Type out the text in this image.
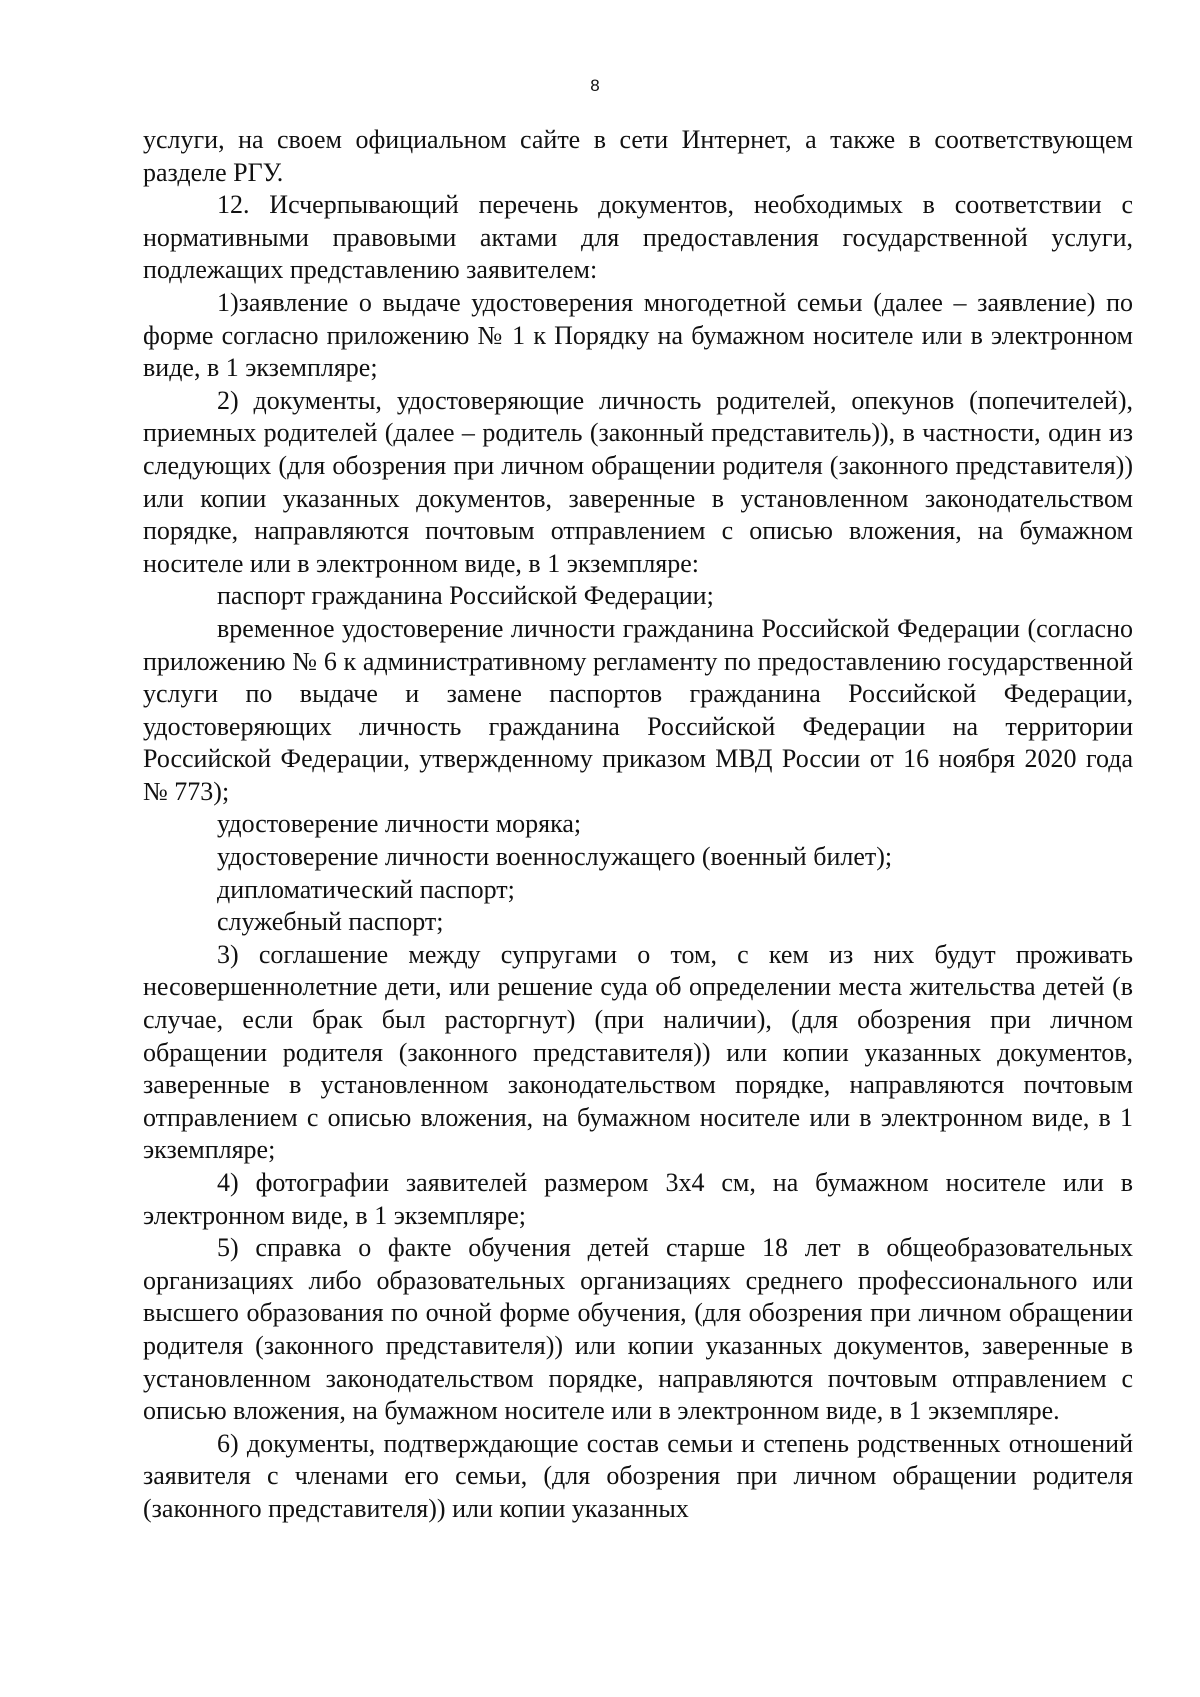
8

услуги, на своем официальном сайте в сети Интернет, а также в соответствующем разделе РГУ.

12. Исчерпывающий перечень документов, необходимых в соответствии с нормативными правовыми актами для предоставления государственной услуги, подлежащих представлению заявителем:

1)заявление о выдаче удостоверения многодетной семьи (далее – заявление) по форме согласно приложению № 1 к Порядку на бумажном носителе или в электронном виде, в 1 экземпляре;

2) документы, удостоверяющие личность родителей, опекунов (попечителей), приемных родителей (далее – родитель (законный представитель)), в частности, один из следующих (для обозрения при личном обращении родителя (законного представителя)) или копии указанных документов, заверенные в установленном законодательством порядке, направляются почтовым отправлением с описью вложения, на бумажном носителе или в электронном виде, в 1 экземпляре:

паспорт гражданина Российской Федерации;

временное удостоверение личности гражданина Российской Федерации (согласно приложению № 6 к административному регламенту по предоставлению государственной услуги по выдаче и замене паспортов гражданина Российской Федерации, удостоверяющих личность гражданина Российской Федерации на территории Российской Федерации, утвержденному приказом МВД России от 16 ноября 2020 года № 773);

удостоверение личности моряка;

удостоверение личности военнослужащего (военный билет);

дипломатический паспорт;

служебный паспорт;

3) соглашение между супругами о том, с кем из них будут проживать несовершеннолетние дети, или решение суда об определении места жительства детей (в случае, если брак был расторгнут) (при наличии), (для обозрения при личном обращении родителя (законного представителя)) или копии указанных документов, заверенные в установленном законодательством порядке, направляются почтовым отправлением с описью вложения, на бумажном носителе или в электронном виде, в 1 экземпляре;

4) фотографии заявителей размером 3х4 см, на бумажном носителе или в электронном виде, в 1 экземпляре;

5) справка о факте обучения детей старше 18 лет в общеобразовательных организациях либо образовательных организациях среднего профессионального или высшего образования по очной форме обучения, (для обозрения при личном обращении родителя (законного представителя)) или копии указанных документов, заверенные в установленном законодательством порядке, направляются почтовым отправлением с описью вложения, на бумажном носителе или в электронном виде, в 1 экземпляре.

6) документы, подтверждающие состав семьи и степень родственных отношений заявителя с членами его семьи, (для обозрения при личном обращении родителя (законного представителя)) или копии указанных
